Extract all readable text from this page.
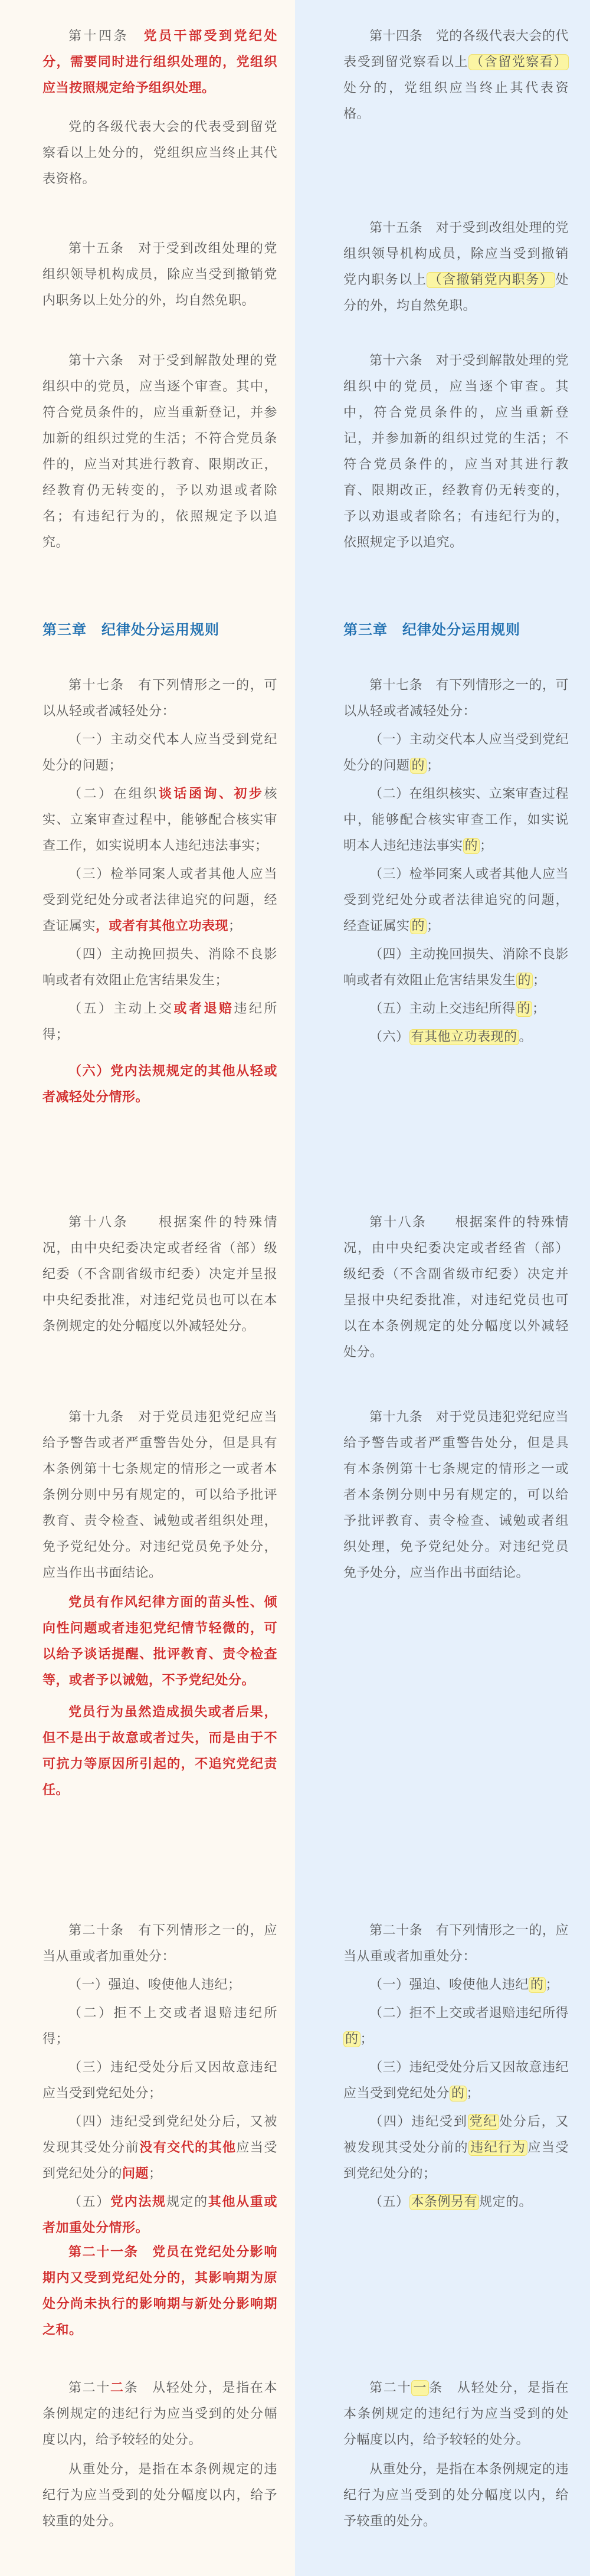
第十四条　党员干部受到党纪处分，需要同时进行组织处理的，党组织应当按照规定给予组织处理。

党的各级代表大会的代表受到留党察看以上处分的，党组织应当终止其代表资格。

第十五条　对于受到改组处理的党组织领导机构成员，除应当受到撤销党内职务以上处分的外，均自然免职。

第十六条　对于受到解散处理的党组织中的党员，应当逐个审查。其中，符合党员条件的，应当重新登记，并参加新的组织过党的生活；不符合党员条件的，应当对其进行教育、限期改正，经教育仍无转变的，予以劝退或者除名；有违纪行为的，依照规定予以追究。

第三章　纪律处分运用规则

第十七条　有下列情形之一的，可以从轻或者减轻处分：

（一）主动交代本人应当受到党纪处分的问题；

（二）在组织谈话函询、初步核实、立案审查过程中，能够配合核实审查工作，如实说明本人违纪违法事实；

（三）检举同案人或者其他人应当受到党纪处分或者法律追究的问题，经查证属实，或者有其他立功表现；

（四）主动挽回损失、消除不良影响或者有效阻止危害结果发生；

（五）主动上交或者退赔违纪所得；

（六）党内法规规定的其他从轻或者减轻处分情形。

第十八条　　根据案件的特殊情况，由中央纪委决定或者经省（部）级纪委（不含副省级市纪委）决定并呈报中央纪委批准，对违纪党员也可以在本条例规定的处分幅度以外减轻处分。

第十九条　对于党员违犯党纪应当给予警告或者严重警告处分，但是具有本条例第十七条规定的情形之一或者本条例分则中另有规定的，可以给予批评教育、责令检查、诫勉或者组织处理，免予党纪处分。对违纪党员免予处分，应当作出书面结论。

党员有作风纪律方面的苗头性、倾向性问题或者违犯党纪情节轻微的，可以给予谈话提醒、批评教育、责令检查等，或者予以诫勉，不予党纪处分。

党员行为虽然造成损失或者后果，但不是出于故意或者过失，而是由于不可抗力等原因所引起的，不追究党纪责任。

第二十条　有下列情形之一的，应当从重或者加重处分：

（一）强迫、唆使他人违纪；

（二）拒不上交或者退赔违纪所得；

（三）违纪受处分后又因故意违纪应当受到党纪处分；

（四）违纪受到党纪处分后，又被发现其受处分前没有交代的其他应当受到党纪处分的问题；

（五）党内法规规定的其他从重或者加重处分情形。

第二十一条　党员在党纪处分影响期内又受到党纪处分的，其影响期为原处分尚未执行的影响期与新处分影响期之和。

第二十二条　从轻处分，是指在本条例规定的违纪行为应当受到的处分幅度以内，给予较轻的处分。

从重处分，是指在本条例规定的违纪行为应当受到的处分幅度以内，给予较重的处分。

第十四条　党的各级代表大会的代表受到留党察看以上 （含留党察看）处分的，党组织应当终止其代表资格。

第十五条　对于受到改组处理的党组织领导机构成员，除应当受到撤销党内职务以上 （含撤销党内职务） 处分的外，均自然免职。

第十六条　对于受到解散处理的党组织中的党员，应当逐个审查。其中，符合党员条件的，应当重新登记，并参加新的组织过党的生活；不符合党员条件的，应当对其进行教育、限期改正，经教育仍无转变的，予以劝退或者除名；有违纪行为的，依照规定予以追究。

第三章　纪律处分运用规则

第十七条　有下列情形之一的，可以从轻或者减轻处分：

（一）主动交代本人应当受到党纪处分的问题 的 ；

（二）在组织核实、立案审查过程中，能够配合核实审查工作，如实说明本人违纪违法事实 的 ；

（三）检举同案人或者其他人应当受到党纪处分或者法律追究的问题，经查证属实 的 ；

（四）主动挽回损失、消除不良影响或者有效阻止危害结果发生 的 ；

（五）主动上交违纪所得 的 ；

（六） 有其他立功表现的 。

第十八条　　根据案件的特殊情况，由中央纪委决定或者经省（部）级纪委（不含副省级市纪委）决定并呈报中央纪委批准，对违纪党员也可以在本条例规定的处分幅度以外减轻处分。

第十九条　对于党员违犯党纪应当给予警告或者严重警告处分，但是具有本条例第十七条规定的情形之一或者本条例分则中另有规定的，可以给予批评教育、责令检查、诫勉或者组织处理，免予党纪处分。对违纪党员免予处分，应当作出书面结论。

第二十条　有下列情形之一的，应当从重或者加重处分：

（一）强迫、唆使他人违纪 的 ；

（二）拒不上交或者退赔违纪所得的 ；

（三）违纪受处分后又因故意违纪应当受到党纪处分 的 ；

（四）违纪受到 党纪 处分后，又被发现其受处分前的 违纪行为 应当受到党纪处分的；

（五） 本条例另有 规定的。

第二十 一 条　从轻处分，是指在本条例规定的违纪行为应当受到的处分幅度以内，给予较轻的处分。

从重处分，是指在本条例规定的违纪行为应当受到的处分幅度以内，给予较重的处分。
